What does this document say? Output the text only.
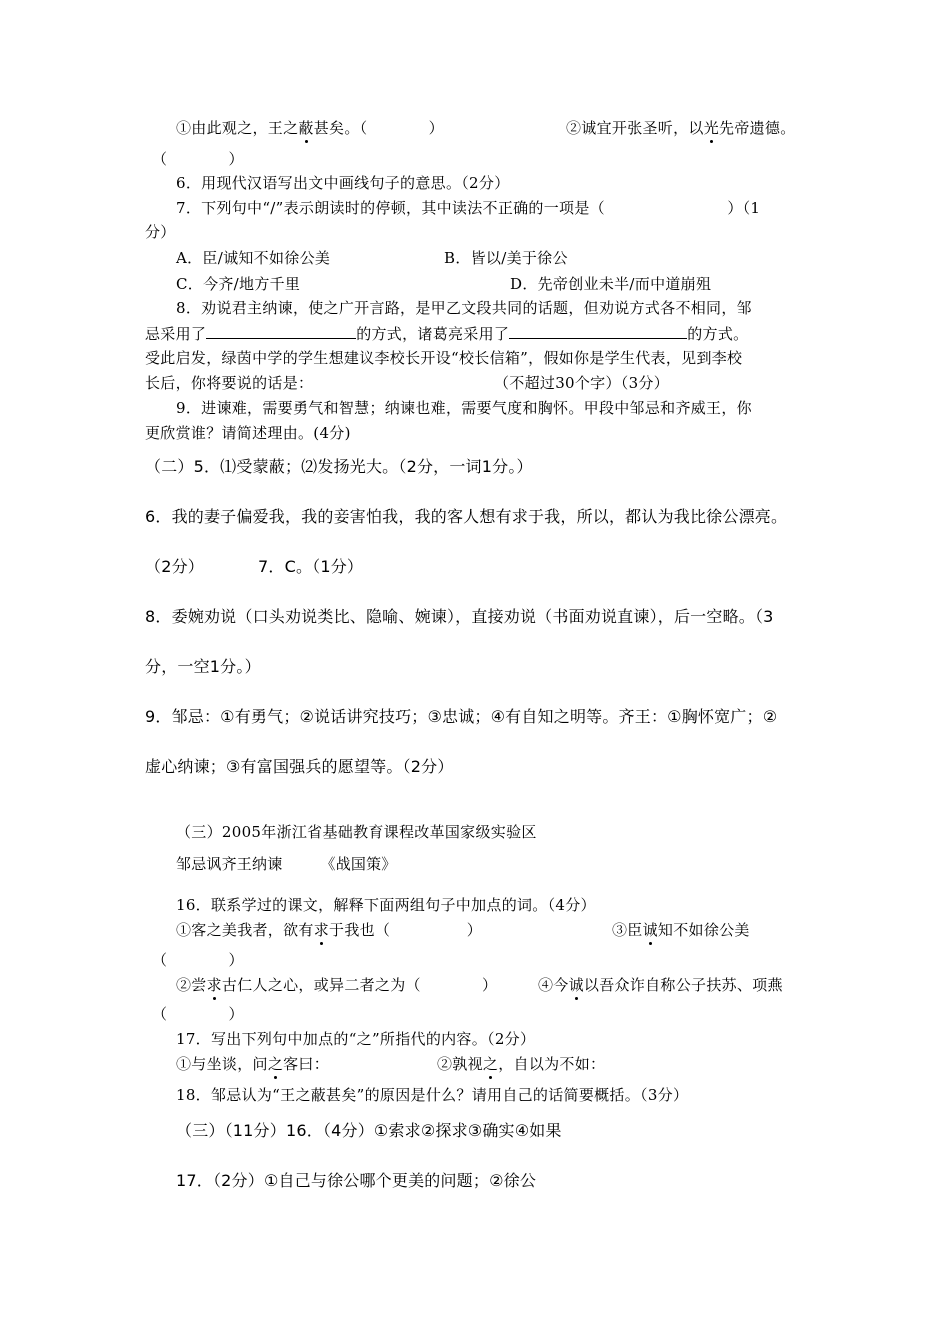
①由此观之，王之蔽甚矣。（　　　　）	②诚宜开张圣听，以光先帝遗德。
（　　　　）
6．用现代汉语写出文中画线句子的意思。（2分）
7．下列句中“/”表示朗读时的停顿，其中读法不正确的一项是（　　　　　　　　）（1
分）
A．臣/诚知不如徐公美	B．皆以/美于徐公
C．今齐/地方千里	D．先帝创业未半/而中道崩殂
8．劝说君主纳谏，使之广开言路，是甲乙文段共同的话题，但劝说方式各不相同，邹
忌采用了	的方式，诸葛亮采用了	的方式。
受此启发，绿茵中学的学生想建议李校长开设“校长信箱”，假如你是学生代表，见到李校
长后，你将要说的话是：	（不超过30个字）（3分）
9．进谏难，需要勇气和智慧；纳谏也难，需要气度和胸怀。甲段中邹忌和齐威王，你
更欣赏谁？请简述理由。(4分)
（二）5．⑴受蒙蔽；⑵发扬光大。（2分，一词1分。）
6．我的妻子偏爱我，我的妾害怕我，我的客人想有求于我，所以，都认为我比徐公漂亮。
（2分）	7．C。（1分）
8．委婉劝说（口头劝说类比、隐喻、婉谏），直接劝说（书面劝说直谏），后一空略。（3
分，一空1分。）
9．邹忌：①有勇气；②说话讲究技巧；③忠诚；④有自知之明等。齐王：①胸怀宽广；②
虚心纳谏；③有富国强兵的愿望等。（2分）
（三）2005年浙江省基础教育课程改革国家级实验区
邹忌讽齐王纳谏　　　《战国策》
16．联系学过的课文，解释下面两组句子中加点的词。（4分）
①客之美我者，欲有求于我也（　　　　　）	③臣诚知不如徐公美
（　　　　）
②尝求古仁人之心，或异二者之为（　　　　）	④今诚以吾众诈自称公子扶苏、项燕
（　　　　）
17．写出下列句中加点的“之”所指代的内容。（2分）
①与坐谈，问之客曰：	②孰视之，自以为不如：
18．邹忌认为“王之蔽甚矣”的原因是什么？请用自己的话简要概括。（3分）
（三）（11分）16．（4分）①索求②探求③确实④如果
17．（2分）①自己与徐公哪个更美的问题；②徐公
